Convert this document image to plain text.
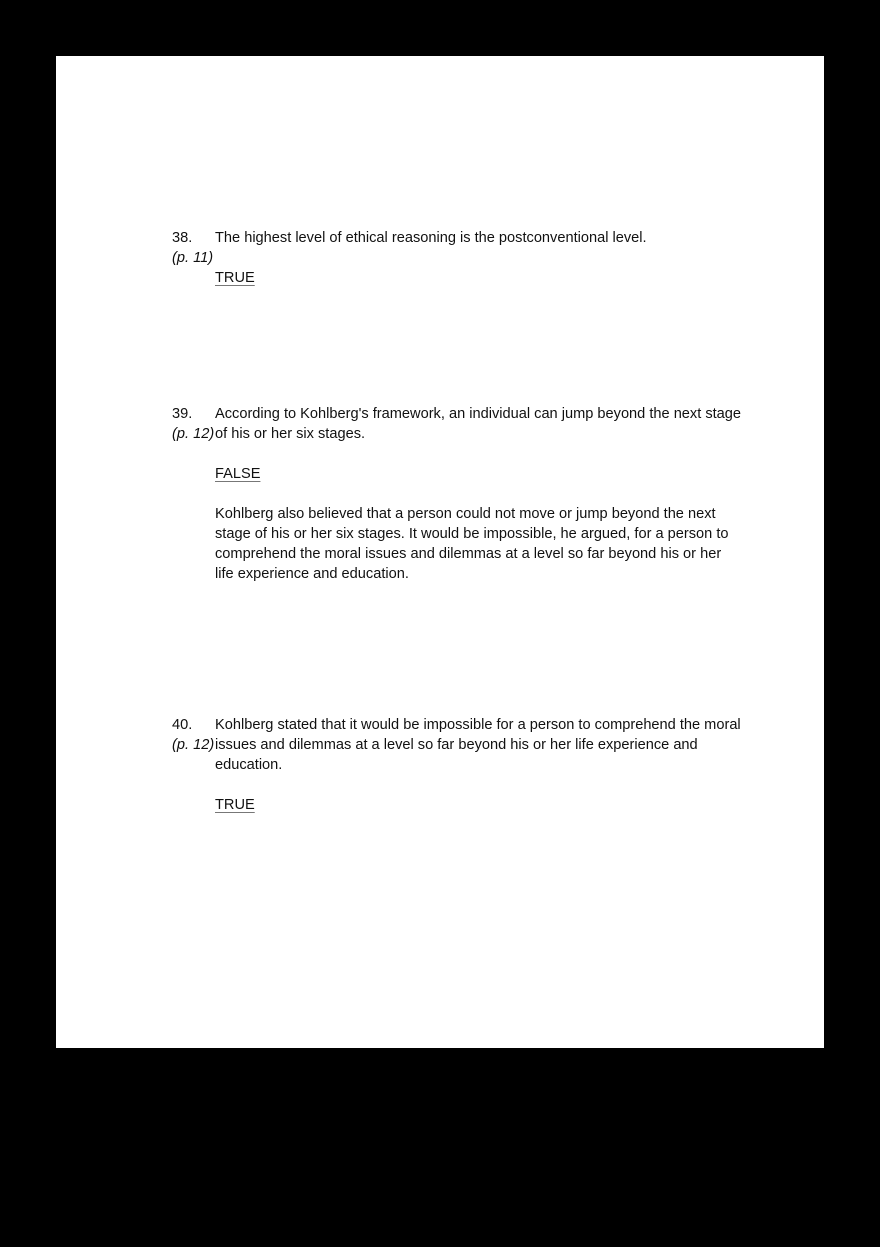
38. The highest level of ethical reasoning is the postconventional level.
(p. 11)
TRUE
39. According to Kohlberg's framework, an individual can jump beyond the next stage
(p. 12) of his or her six stages.
FALSE
Kohlberg also believed that a person could not move or jump beyond the next
stage of his or her six stages. It would be impossible, he argued, for a person to
comprehend the moral issues and dilemmas at a level so far beyond his or her
life experience and education.
40. Kohlberg stated that it would be impossible for a person to comprehend the moral
(p. 12) issues and dilemmas at a level so far beyond his or her life experience and
education.
TRUE
